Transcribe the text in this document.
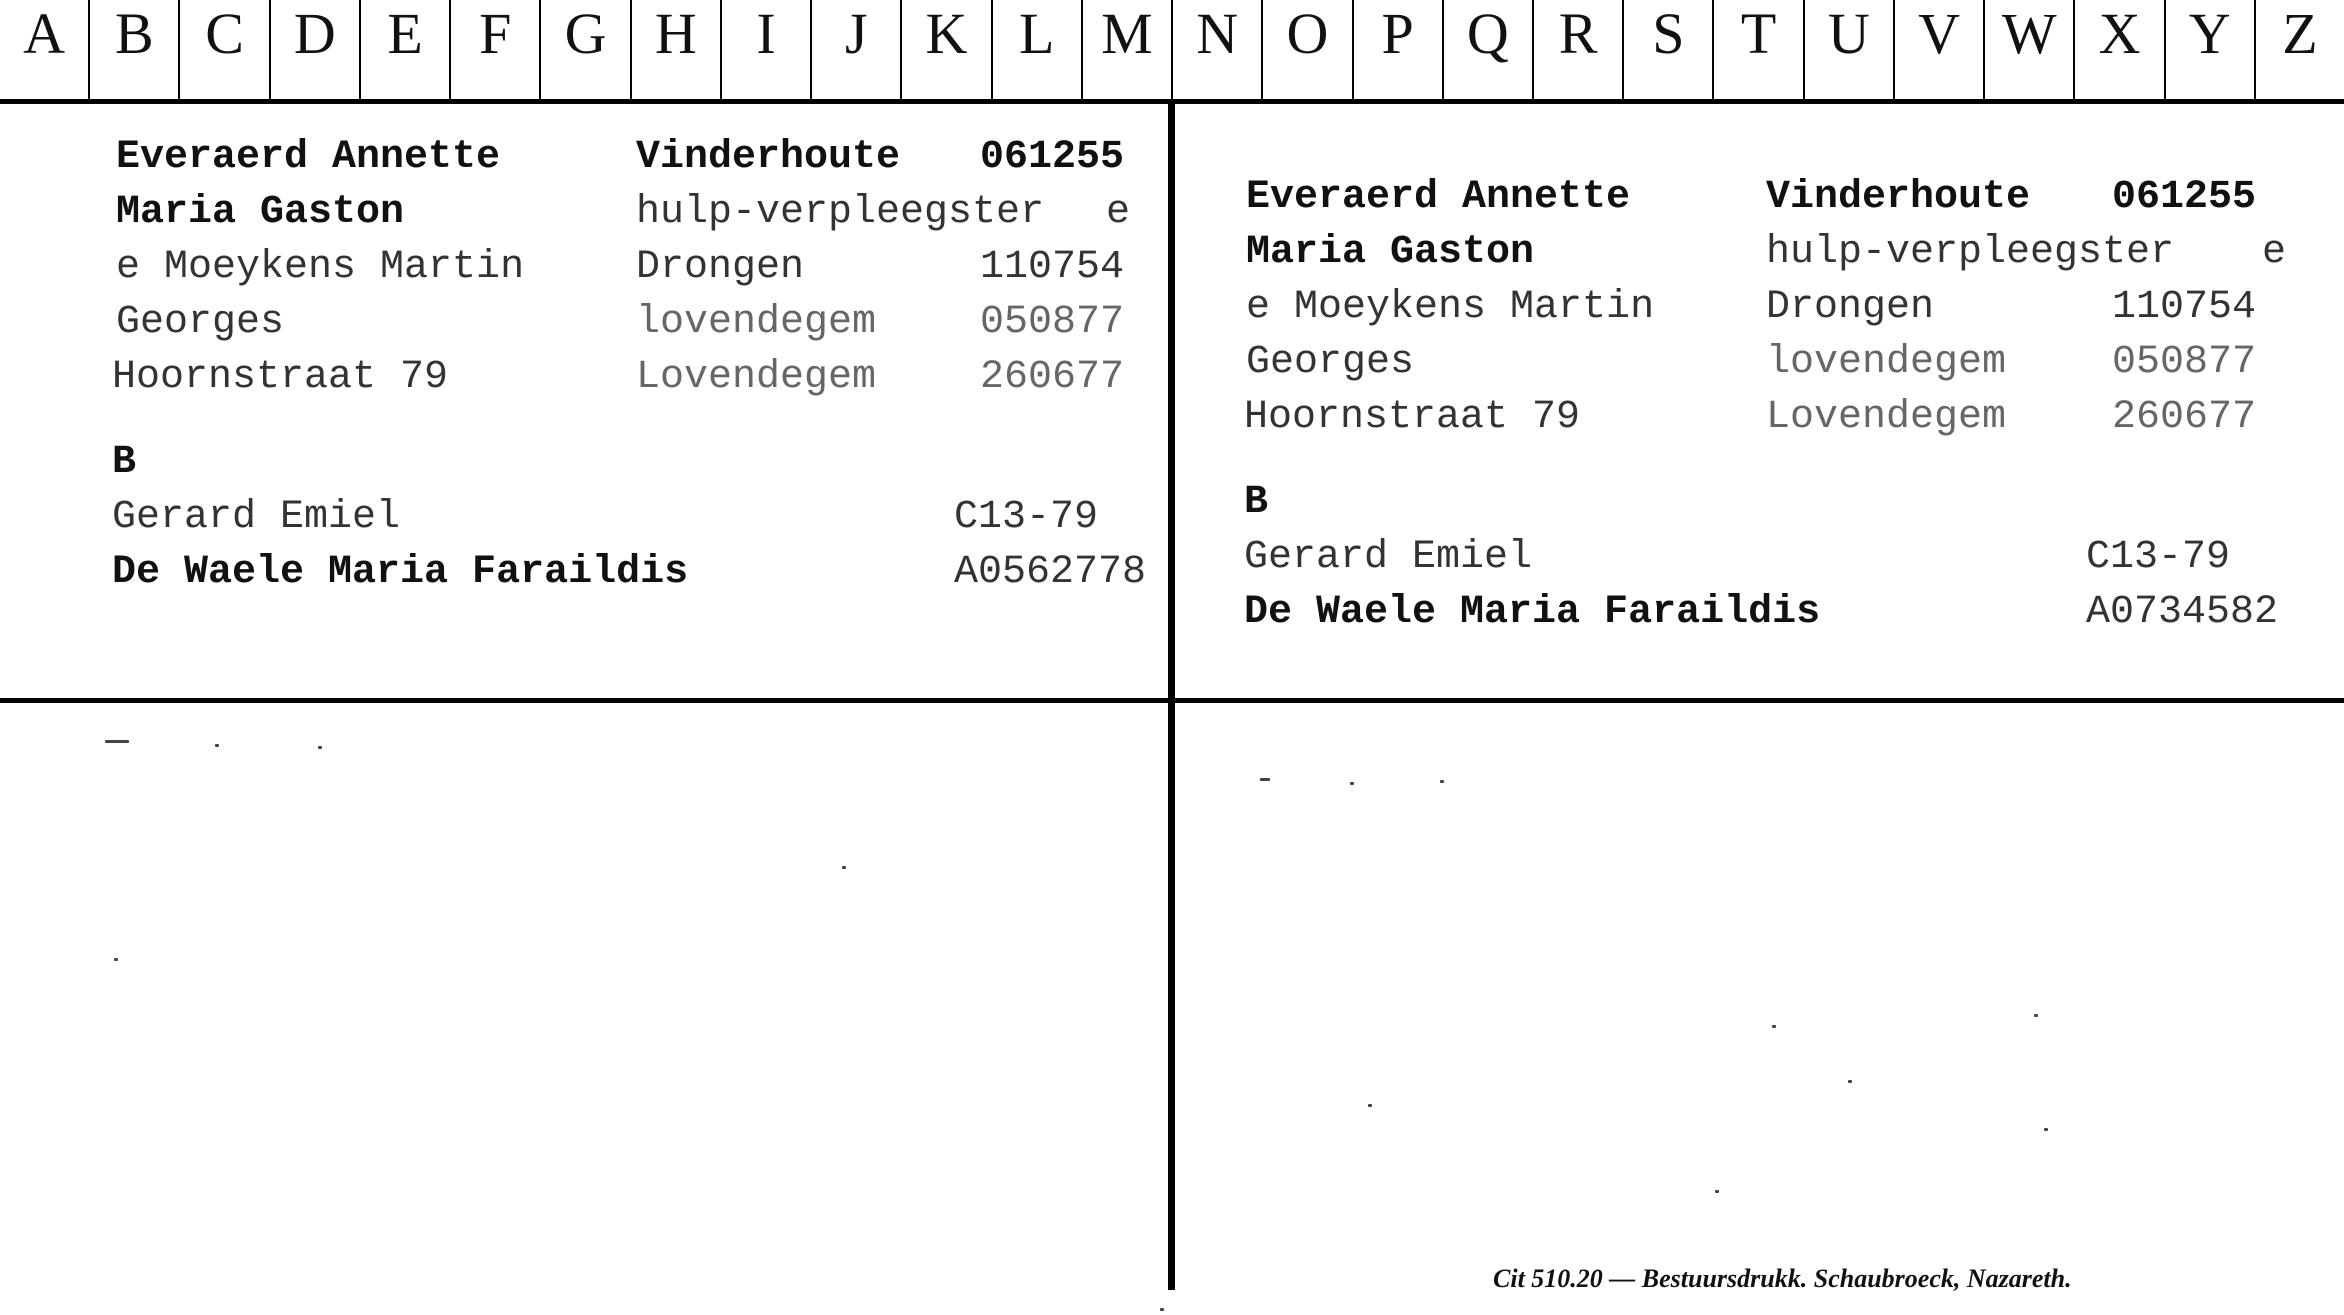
A B C D E F G H	I	J	K L M N O P Q R S T U V W X Y Z
Everaerd Annette	Vinderhoute 061255
Maria Gaston	hulp-verpleegster e
e Moeykens Martin	Drongen	110754
Georges	lovendegem	050877
Hoornstraat 79	Lovendegem	260677
B
Gerard Emiel	C13-79
De Waele Maria Faraildis	A0562778
Everaerd Annette	Vinderhoute 061255
Maria Gaston	hulp-verpleegster e
e Moeykens Martin	Drongen	110754
Georges	lovendegem	050877
Hoornstraat 79	Lovendegem	260677
B
Gerard Emiel	C13-79
De Waele Maria Faraildis	A0734582
Cit 510.20 — Bestuursdrukk. Schaubroeck, Nazareth.
